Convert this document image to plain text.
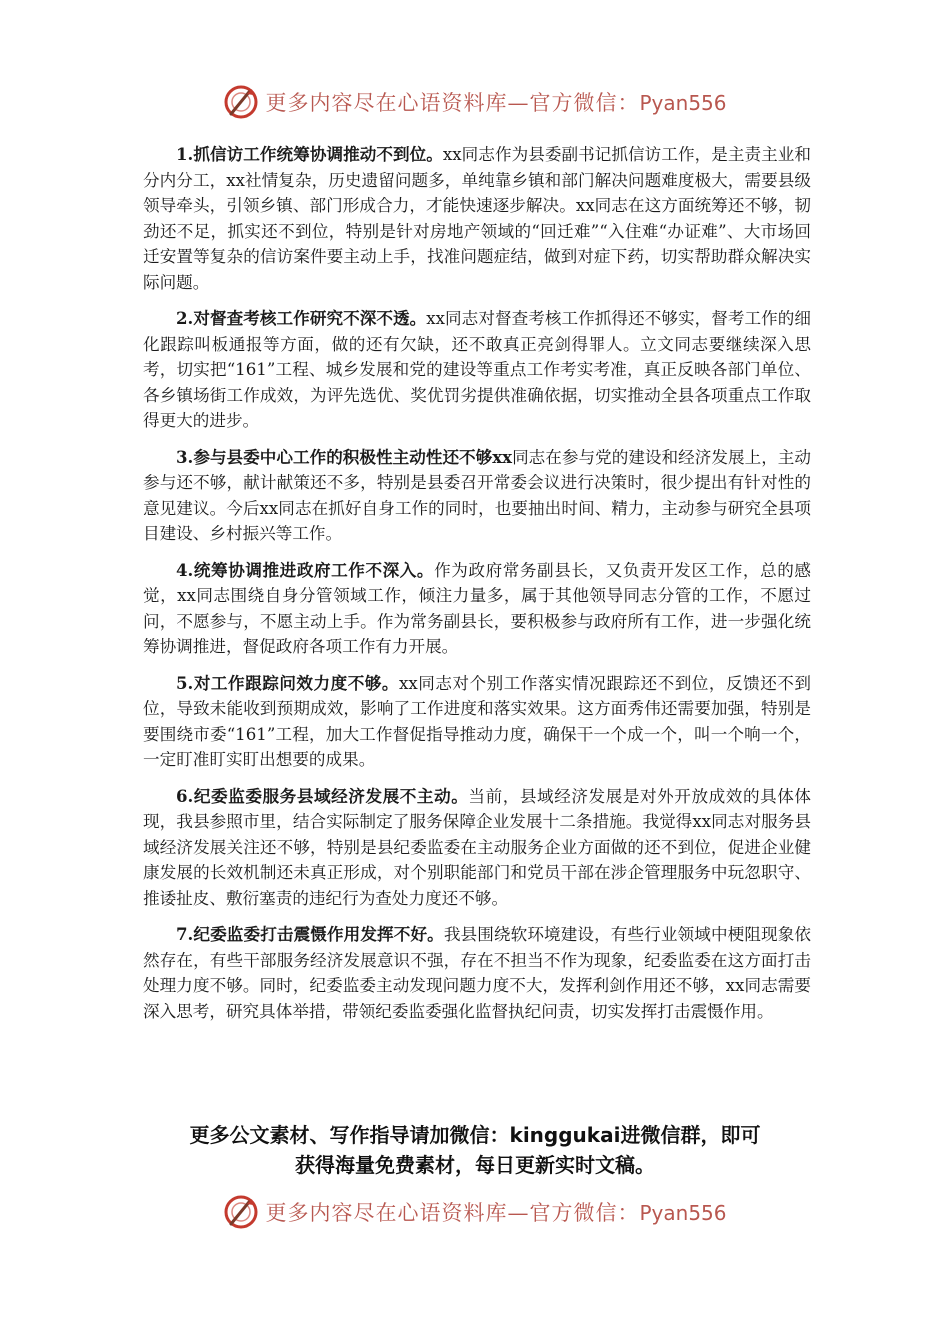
更多内容尽在心语资料库—官方微信：Pyan556

1.抓信访工作统筹协调推动不到位。xx同志作为县委副书记抓信访工作，是主责主业和分内分工，xx社情复杂，历史遗留问题多，单纯靠乡镇和部门解决问题难度极大，需要县级领导牵头，引领乡镇、部门形成合力，才能快速逐步解决。xx同志在这方面统筹还不够，韧劲还不足，抓实还不到位，特别是针对房地产领域的“回迁难”“入住难“办证难”、大市场回迁安置等复杂的信访案件要主动上手，找准问题症结，做到对症下药，切实帮助群众解决实际问题。

2.对督查考核工作研究不深不透。xx同志对督查考核工作抓得还不够实，督考工作的细化跟踪叫板通报等方面，做的还有欠缺，还不敢真正亮剑得罪人。立文同志要继续深入思考，切实把“161”工程、城乡发展和党的建设等重点工作考实考准，真正反映各部门单位、各乡镇场街工作成效，为评先选优、奖优罚劣提供准确依据，切实推动全县各项重点工作取得更大的进步。

3.参与县委中心工作的积极性主动性还不够xx同志在参与党的建设和经济发展上，主动参与还不够，献计献策还不多，特别是县委召开常委会议进行决策时，很少提出有针对性的意见建议。今后xx同志在抓好自身工作的同时，也要抽出时间、精力，主动参与研究全县项目建设、乡村振兴等工作。

4.统筹协调推进政府工作不深入。作为政府常务副县长，又负责开发区工作，总的感觉，xx同志围绕自身分管领域工作，倾注力量多，属于其他领导同志分管的工作，不愿过问，不愿参与，不愿主动上手。作为常务副县长，要积极参与政府所有工作，进一步强化统筹协调推进，督促政府各项工作有力开展。

5.对工作跟踪问效力度不够。xx同志对个别工作落实情况跟踪还不到位，反馈还不到位，导致未能收到预期成效，影响了工作进度和落实效果。这方面秀伟还需要加强，特别是要围绕市委“161”工程，加大工作督促指导推动力度，确保干一个成一个，叫一个响一个，一定盯准盯实盯出想要的成果。

6.纪委监委服务县域经济发展不主动。当前，县域经济发展是对外开放成效的具体体现，我县参照市里，结合实际制定了服务保障企业发展十二条措施。我觉得xx同志对服务县域经济发展关注还不够，特别是县纪委监委在主动服务企业方面做的还不到位，促进企业健康发展的长效机制还未真正形成，对个别职能部门和党员干部在涉企管理服务中玩忽职守、推诿扯皮、敷衍塞责的违纪行为查处力度还不够。

7.纪委监委打击震慑作用发挥不好。我县围绕软环境建设，有些行业领域中梗阻现象依然存在，有些干部服务经济发展意识不强，存在不担当不作为现象，纪委监委在这方面打击处理力度不够。同时，纪委监委主动发现问题力度不大，发挥利剑作用还不够，xx同志需要深入思考，研究具体举措，带领纪委监委强化监督执纪问责，切实发挥打击震慑作用。

更多公文素材、写作指导请加微信：kinggukai进微信群，即可
获得海量免费素材，每日更新实时文稿。
更多内容尽在心语资料库—官方微信：Pyan556
